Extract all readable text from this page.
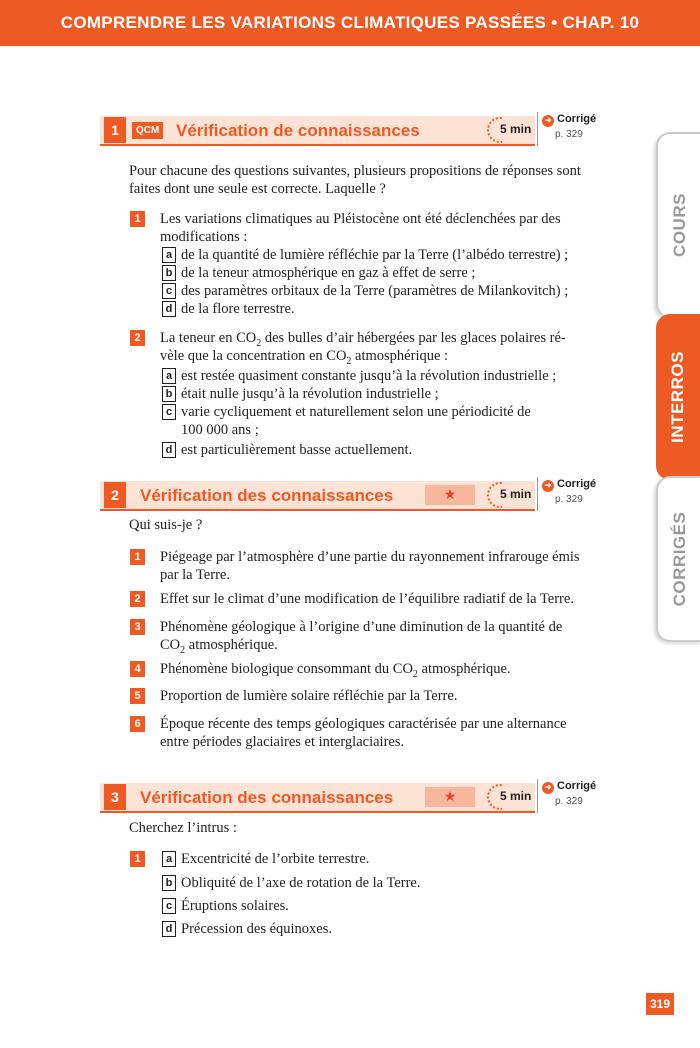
COMPRENDRE LES VARIATIONS CLIMATIQUES PASSÉES • CHAP. 10
COURS
INTERROS
CORRIGÉS
1	QCM Vérification de connaissances	5 min
➜ Corrigé
p. 329
Pour chacune des questions suivantes, plusieurs propositions de réponses sont
faites dont une seule est correcte. Laquelle ?
1	Les variations climatiques au Pléistocène ont été déclenchées par des
modifications :
a de la quantité de lumière réfléchie par la Terre (l’albédo terrestre) ;
b de la teneur atmosphérique en gaz à effet de serre ;
c des paramètres orbitaux de la Terre (paramètres de Milankovitch) ;
d de la flore terrestre.
2	La teneur en $CO_2$ des bulles d’air hébergées par les glaces polaires ré-
vèle que la concentration en $CO_2$ atmosphérique :
a est restée quasiment constante jusqu’à la révolution industrielle ;
b était nulle jusqu’à la révolution industrielle ;
c varie cycliquement et naturellement selon une périodicité de
100 000 ans ;
d est particulièrement basse actuellement.
2	Vérification des connaissances	★	5 min
➜ Corrigé
p. 329
Qui suis-je ?
1	Piégeage par l’atmosphère d’une partie du rayonnement infrarouge émis
par la Terre.
2	Effet sur le climat d’une modification de l’équilibre radiatif de la Terre.
3	Phénomène géologique à l’origine d’une diminution de la quantité de
$CO_2$ atmosphérique.
4	Phénomène biologique consommant du $CO_2$ atmosphérique.
5	Proportion de lumière solaire réfléchie par la Terre.
6	Époque récente des temps géologiques caractérisée par une alternance
entre périodes glaciaires et interglaciaires.
3	Vérification des connaissances	★	5 min
➜ Corrigé
p. 329
Cherchez l’intrus :
1	a Excentricité de l’orbite terrestre.
b Obliquité de l’axe de rotation de la Terre.
c Éruptions solaires.
d Précession des équinoxes.
319
